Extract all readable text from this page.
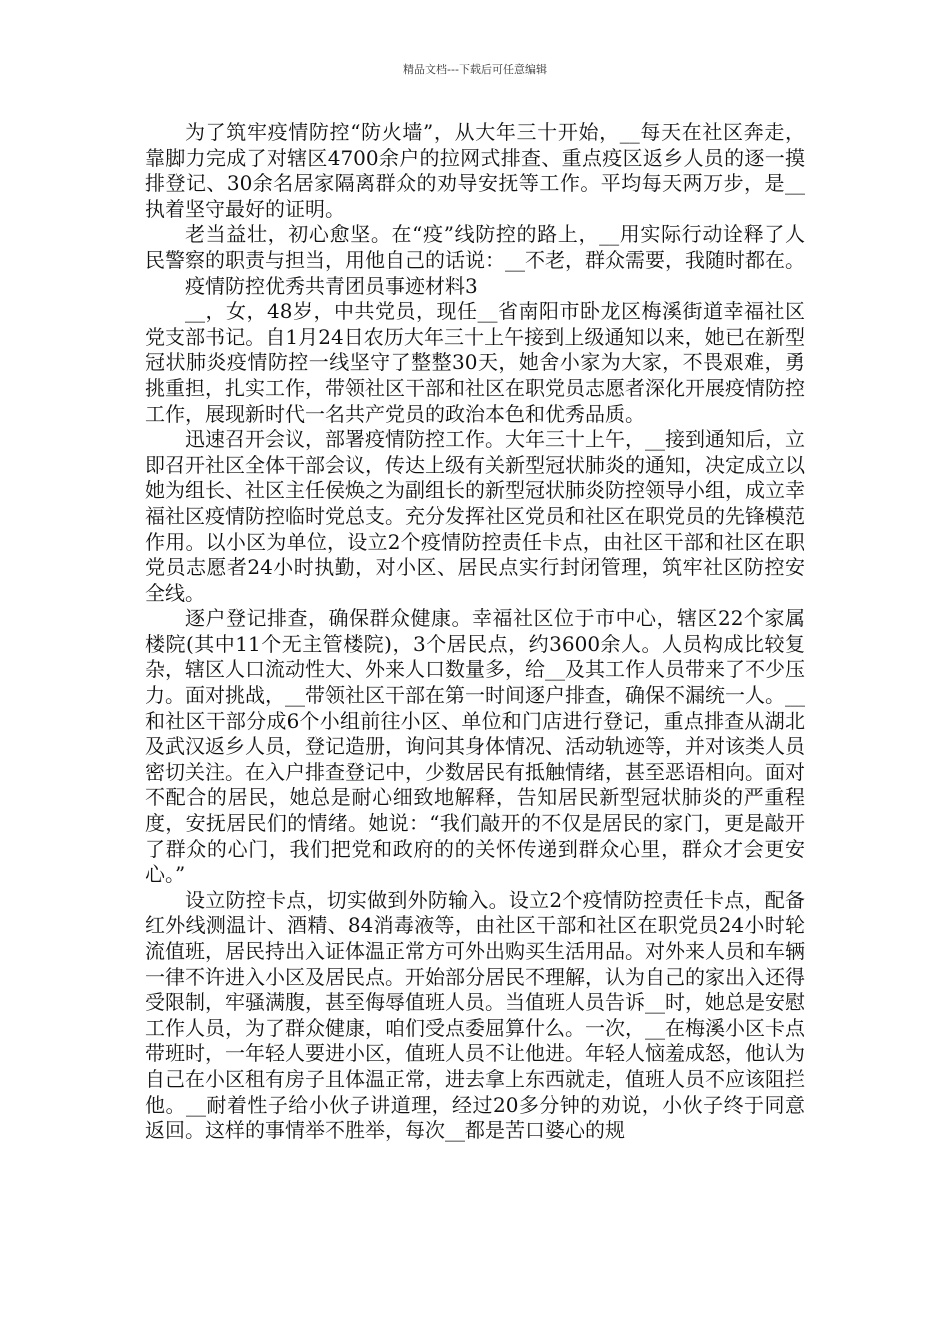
精品文档---下载后可任意编辑

为了筑牢疫情防控“防火墙”，从大年三十开始，__每天在社区奔走，靠脚力完成了对辖区4700余户的拉网式排查、重点疫区返乡人员的逐一摸排登记、30余名居家隔离群众的劝导安抚等工作。平均每天两万步，是__执着坚守最好的证明。

老当益壮，初心愈坚。在“疫”线防控的路上，__用实际行动诠释了人民警察的职责与担当，用他自己的话说：__不老，群众需要，我随时都在。

疫情防控优秀共青团员事迹材料3

__，女，48岁，中共党员，现任__省南阳市卧龙区梅溪街道幸福社区党支部书记。自1月24日农历大年三十上午接到上级通知以来，她已在新型冠状肺炎疫情防控一线坚守了整整30天，她舍小家为大家，不畏艰难，勇挑重担，扎实工作，带领社区干部和社区在职党员志愿者深化开展疫情防控工作，展现新时代一名共产党员的政治本色和优秀品质。

迅速召开会议，部署疫情防控工作。大年三十上午，__接到通知后，立即召开社区全体干部会议，传达上级有关新型冠状肺炎的通知，决定成立以她为组长、社区主任侯焕之为副组长的新型冠状肺炎防控领导小组，成立幸福社区疫情防控临时党总支。充分发挥社区党员和社区在职党员的先锋模范作用。以小区为单位，设立2个疫情防控责任卡点，由社区干部和社区在职党员志愿者24小时执勤，对小区、居民点实行封闭管理，筑牢社区防控安全线。

逐户登记排查，确保群众健康。幸福社区位于市中心，辖区22个家属楼院(其中11个无主管楼院)，3个居民点，约3600余人。人员构成比较复杂，辖区人口流动性大、外来人口数量多，给__及其工作人员带来了不少压力。面对挑战，__带领社区干部在第一时间逐户排查，确保不漏统一人。__和社区干部分成6个小组前往小区、单位和门店进行登记，重点排查从湖北及武汉返乡人员，登记造册，询问其身体情况、活动轨迹等，并对该类人员密切关注。在入户排查登记中，少数居民有抵触情绪，甚至恶语相向。面对不配合的居民，她总是耐心细致地解释，告知居民新型冠状肺炎的严重程度，安抚居民们的情绪。她说：“我们敲开的不仅是居民的家门，更是敲开了群众的心门，我们把党和政府的的关怀传递到群众心里，群众才会更安心。”

设立防控卡点，切实做到外防输入。设立2个疫情防控责任卡点，配备红外线测温计、酒精、84消毒液等，由社区干部和社区在职党员24小时轮流值班，居民持出入证体温正常方可外出购买生活用品。对外来人员和车辆一律不许进入小区及居民点。开始部分居民不理解，认为自己的家出入还得受限制，牢骚满腹，甚至侮辱值班人员。当值班人员告诉__时，她总是安慰工作人员，为了群众健康，咱们受点委屈算什么。一次，__在梅溪小区卡点带班时，一年轻人要进小区，值班人员不让他进。年轻人恼羞成怒，他认为自己在小区租有房子且体温正常，进去拿上东西就走，值班人员不应该阻拦他。__耐着性子给小伙子讲道理，经过20多分钟的劝说，小伙子终于同意返回。这样的事情举不胜举，每次__都是苦口婆心的规
